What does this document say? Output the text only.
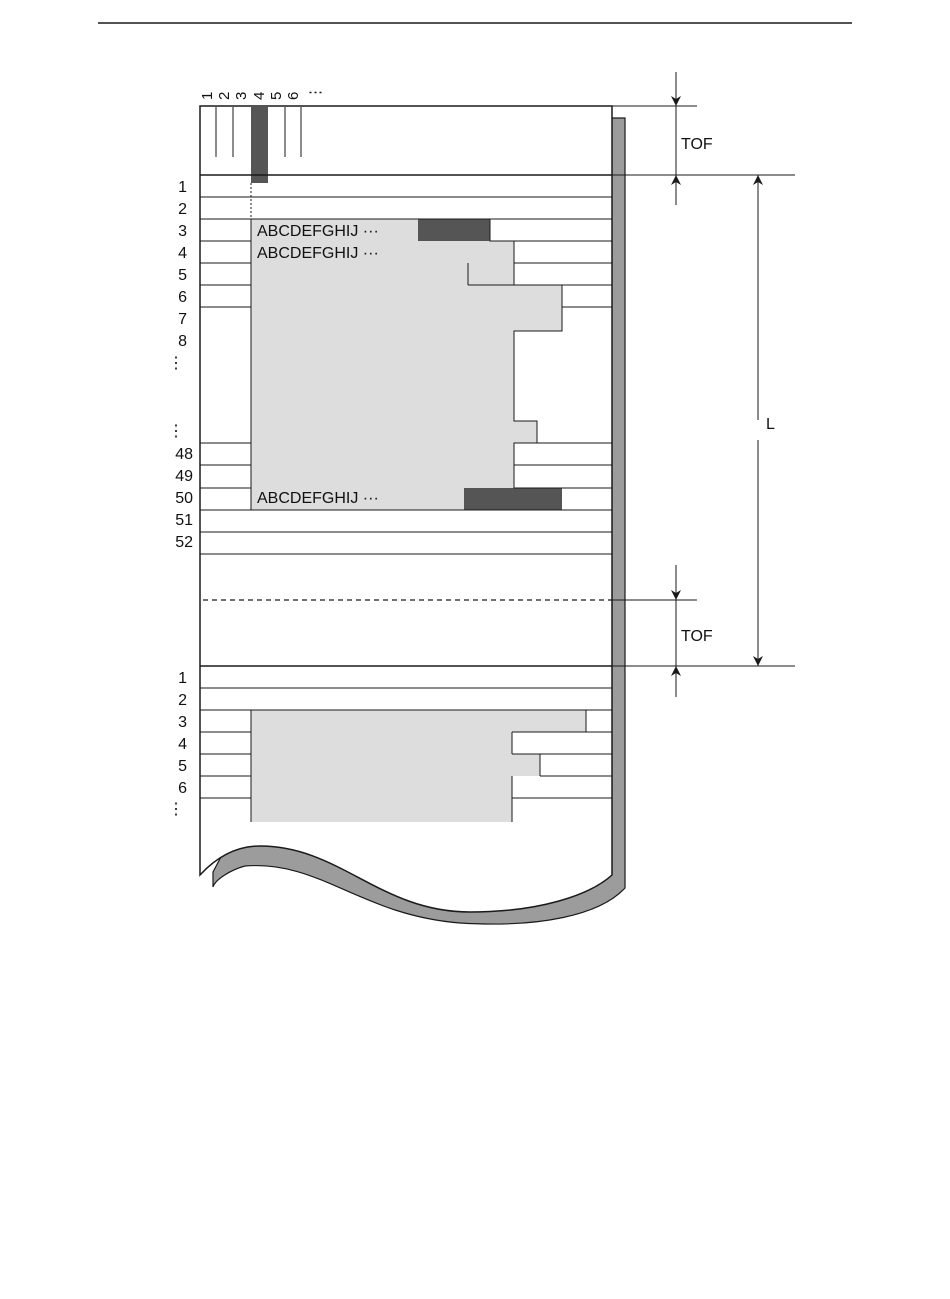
1 2 3 4 5 6 ⋮
1
2
3
4
5
6
7
8
⋮
⋮
48
49
50
51
52
1
2
3
4
5
6
⋮
ABCDEFGHIJ ···
ABCDEFGHIJ ···
ABCDEFGHIJ ···
TOF
L
TOF
